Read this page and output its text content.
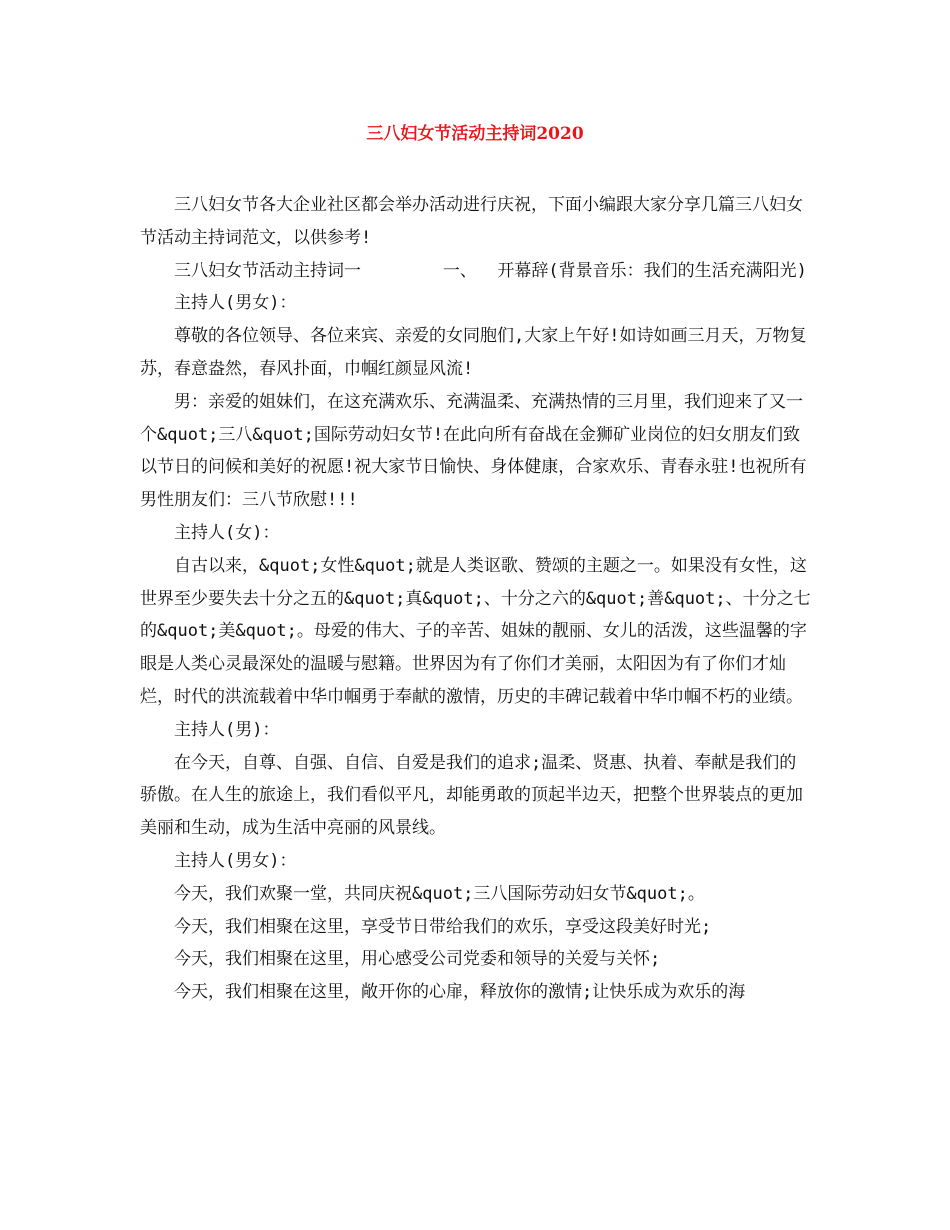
三八妇女节活动主持词2020

三八妇女节各大企业社区都会举办活动进行庆祝，下面小编跟大家分享几篇三八妇女节活动主持词范文，以供参考!

三八妇女节活动主持词一        一、  开幕辞(背景音乐：我们的生活充满阳光)

主持人(男女)：

尊敬的各位领导、各位来宾、亲爱的女同胞们,大家上午好!如诗如画三月天，万物复苏，春意盎然，春风扑面，巾帼红颜显风流!

男：亲爱的姐妹们，在这充满欢乐、充满温柔、充满热情的三月里，我们迎来了又一个&quot;三八&quot;国际劳动妇女节!在此向所有奋战在金狮矿业岗位的妇女朋友们致以节日的问候和美好的祝愿!祝大家节日愉快、身体健康，合家欢乐、青春永驻!也祝所有男性朋友们：三八节欣慰!!!

主持人(女)：

自古以来，&quot;女性&quot;就是人类讴歌、赞颂的主题之一。如果没有女性，这世界至少要失去十分之五的&quot;真&quot;、十分之六的&quot;善&quot;、十分之七的&quot;美&quot;。母爱的伟大、子的辛苦、姐妹的靓丽、女儿的活泼，这些温馨的字眼是人类心灵最深处的温暖与慰籍。世界因为有了你们才美丽，太阳因为有了你们才灿烂，时代的洪流载着中华巾帼勇于奉献的激情，历史的丰碑记载着中华巾帼不朽的业绩。

主持人(男)：

在今天，自尊、自强、自信、自爱是我们的追求;温柔、贤惠、执着、奉献是我们的骄傲。在人生的旅途上，我们看似平凡，却能勇敢的顶起半边天，把整个世界装点的更加美丽和生动，成为生活中亮丽的风景线。

主持人(男女)：

今天，我们欢聚一堂，共同庆祝&quot;三八国际劳动妇女节&quot;。

今天，我们相聚在这里，享受节日带给我们的欢乐，享受这段美好时光;

今天，我们相聚在这里，用心感受公司党委和领导的关爱与关怀;

今天，我们相聚在这里，敞开你的心扉，释放你的激情;让快乐成为欢乐的海
